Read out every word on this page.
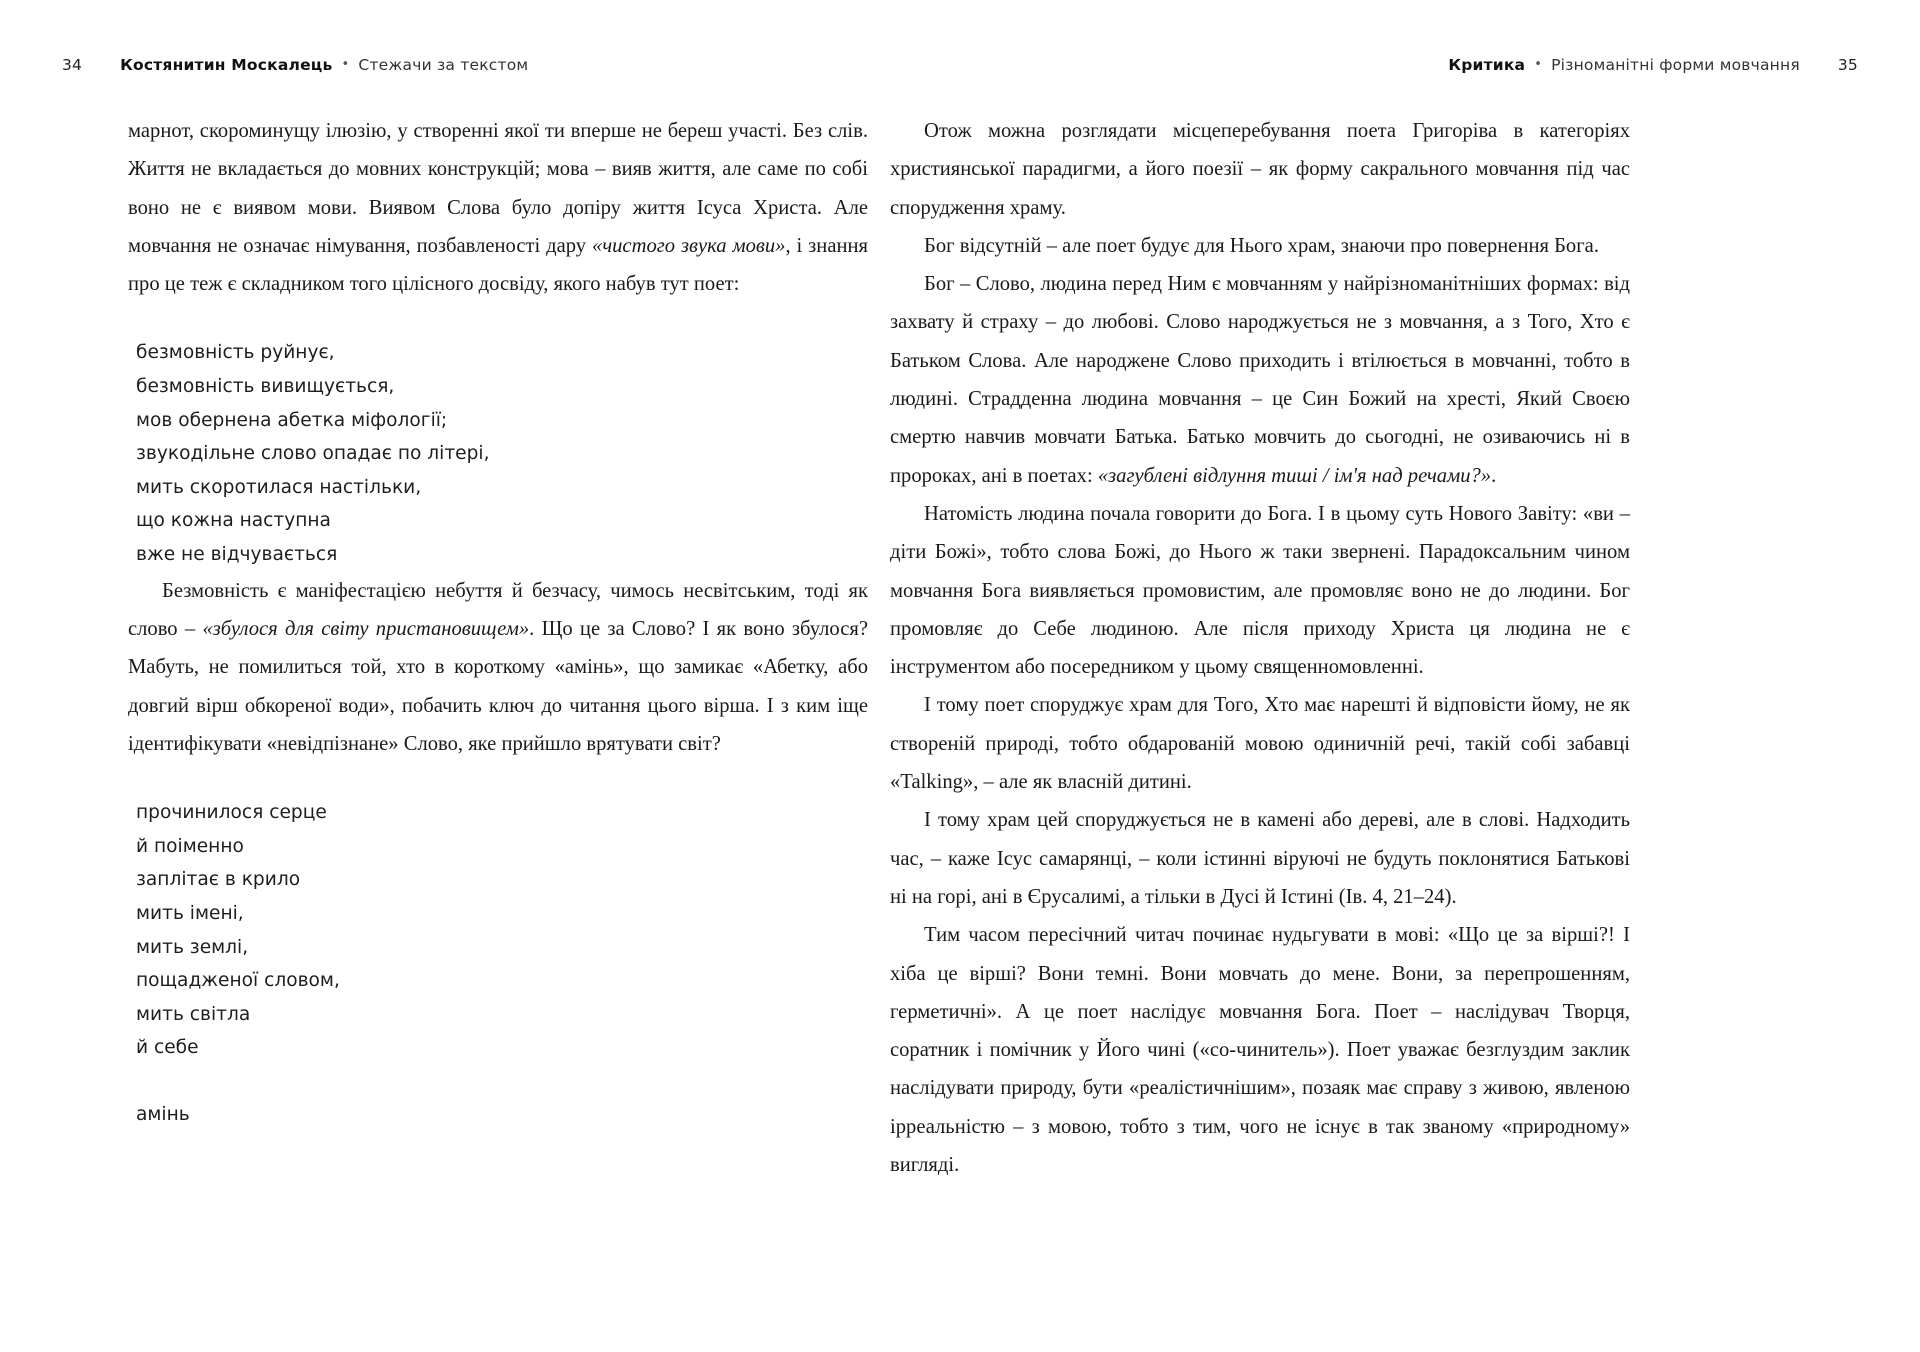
34 Костянитин Москалець • Стежачи за текстом	Критика • Різноманітні форми мовчання 35

марнот, скороминущу ілюзію, у створенні якої ти вперше не береш участі. Без слів. Життя не вкладається до мовних конструкцій; мова – вияв життя, але саме по собі воно не є виявом мови. Виявом Слова було допіру життя Ісуса Христа. Але мовчання не означає німування, позбавленості дару «чистого звука мови», і знання про це теж є складником того цілісного досвіду, якого набув тут поет:

безмовність руйнує,
безмовність вивищується,
мов обернена абетка міфології;
звукодільне слово опадає по літері,
мить скоротилася настільки,
що кожна наступна
вже не відчувається

Безмовність є маніфестацією небуття й безчасу, чимось несвітським, тоді як слово – «збулося для світу пристановищем». Що це за Слово? І як воно збулося? Мабуть, не помилиться той, хто в короткому «амінь», що замикає «Абетку, або довгий вірш обкореної води», побачить ключ до читання цього вірша. І з ким іще ідентифікувати «невідпізнане» Слово, яке прийшло врятувати світ?

прочинилося серце
й поіменно
заплітає в крило
мить імені,
мить землі,
пощадженої словом,
мить світла
й себе
амінь

Отож можна розглядати місцеперебування поета Григоріва в категоріях християнської парадигми, а його поезії – як форму сакрального мовчання під час спорудження храму.

Бог відсутній – але поет будує для Нього храм, знаючи про повернення Бога.

Бог – Слово, людина перед Ним є мовчанням у найрізноманітніших формах: від захвату й страху – до любові. Слово народжується не з мовчання, а з Того, Хто є Батьком Слова. Але народжене Слово приходить і втілюється в мовчанні, тобто в людині. Страдденна людина мовчання – це Син Божий на хресті, Який Своєю смертю навчив мовчати Батька. Батько мовчить до сьогодні, не озиваючись ні в пророках, ані в поетах: «загублені відлуння тиші / ім'я над речами?».

Натомість людина почала говорити до Бога. І в цьому суть Нового Завіту: «ви – діти Божі», тобто слова Божі, до Нього ж таки звернені. Парадоксальним чином мовчання Бога виявляється промовистим, але промовляє воно не до людини. Бог промовляє до Себе людиною. Але після приходу Христа ця людина не є інструментом або посередником у цьому священномовленні.

І тому поет споруджує храм для Того, Хто має нарешті й відповісти йому, не як створеній природі, тобто обдарованій мовою одиничній речі, такій собі забавці «Talking», – але як власній дитині.

І тому храм цей споруджується не в камені або дереві, але в слові. Надходить час, – каже Ісус самарянці, – коли істинні віруючі не будуть поклонятися Батькові ні на горі, ані в Єрусалимі, а тільки в Дусі й Істині (Ів. 4, 21–24).

Тим часом пересічний читач починає нудьгувати в мові: «Що це за вірші?! І хіба це вірші? Вони темні. Вони мовчать до мене. Вони, за перепрошенням, герметичні». А це поет наслідує мовчання Бога. Поет – наслідувач Творця, соратник і помічник у Його чині («со-чинитель»). Поет уважає безглуздим заклик наслідувати природу, бути «реалістичнішим», позаяк має справу з живою, явленою ірреальністю – з мовою, тобто з тим, чого не існує в так званому «природному» вигляді.
